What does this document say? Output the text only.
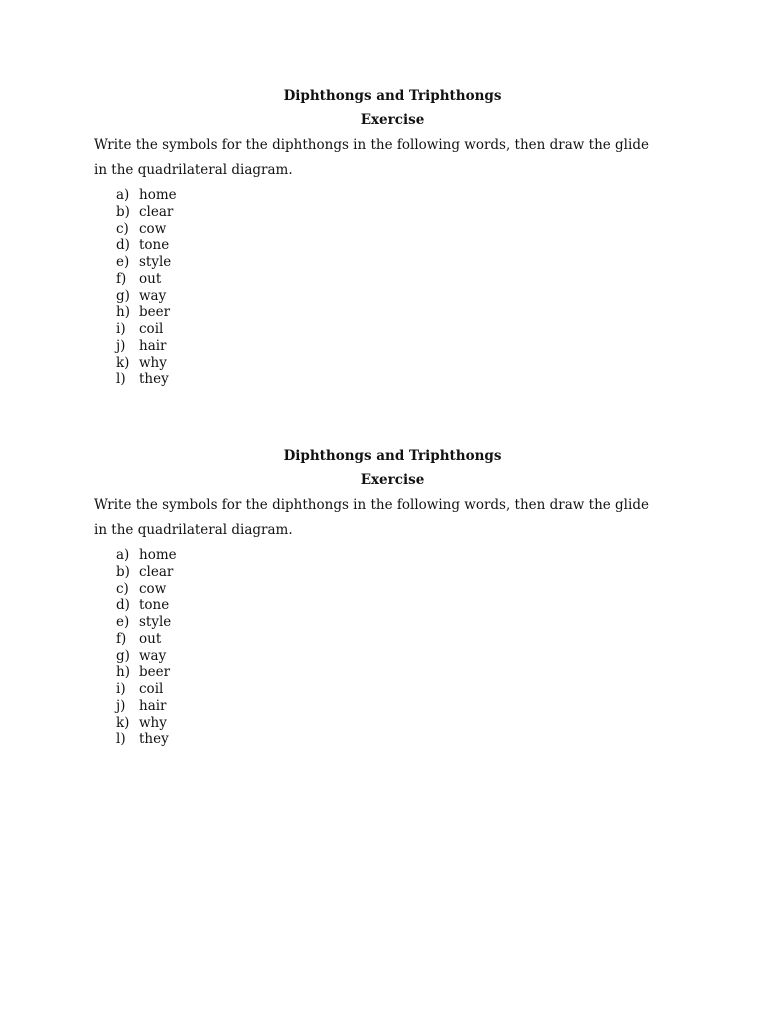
Diphthongs and Triphthongs
Exercise
Write the symbols for the diphthongs in the following words, then draw the glide in the quadrilateral diagram.
a) home
b) clear
c) cow
d) tone
e) style
f) out
g) way
h) beer
i) coil
j) hair
k) why
l) they
Diphthongs and Triphthongs
Exercise
Write the symbols for the diphthongs in the following words, then draw the glide in the quadrilateral diagram.
a) home
b) clear
c) cow
d) tone
e) style
f) out
g) way
h) beer
i) coil
j) hair
k) why
l) they
